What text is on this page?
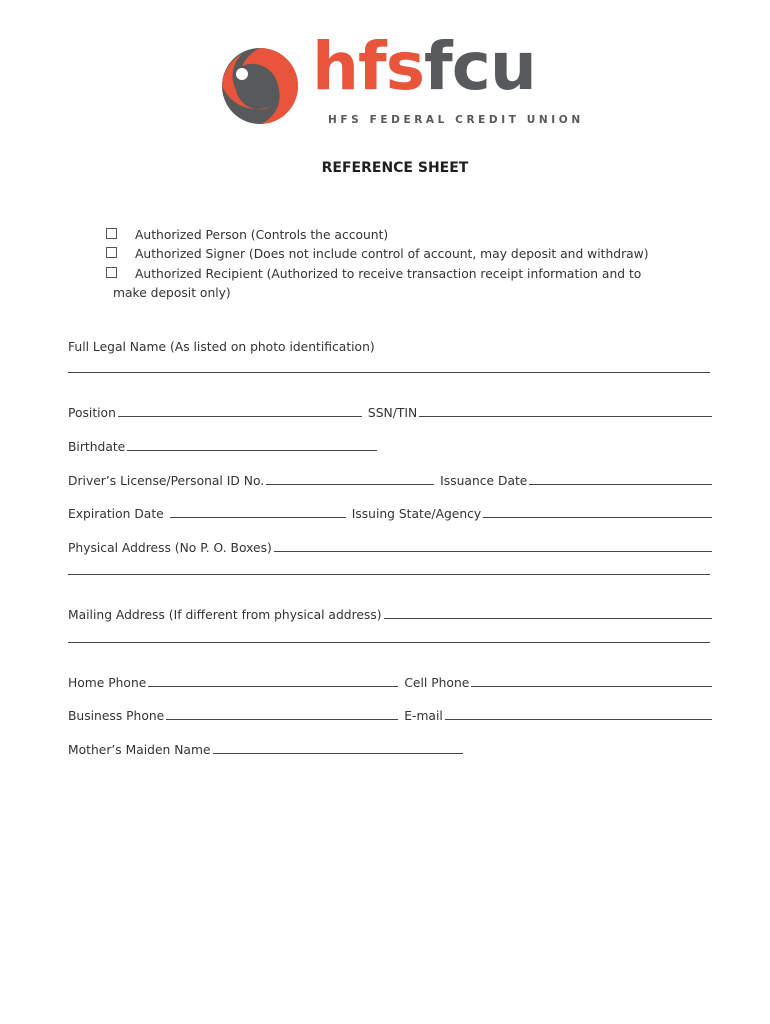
hfsfcu
HFS FEDERAL CREDIT UNION
REFERENCE SHEET
Authorized Person (Controls the account)
Authorized Signer (Does not include control of account, may deposit and withdraw)
Authorized Recipient (Authorized to receive transaction receipt information and to
make deposit only)
Full Legal Name (As listed on photo identification)
Position	SSN/TIN
Birthdate
Driver’s License/Personal ID No.	Issuance Date
Expiration Date	Issuing State/Agency
Physical Address (No P. O. Boxes)
Mailing Address (If different from physical address)
Home Phone	Cell Phone
Business Phone	E-mail
Mother’s Maiden Name
